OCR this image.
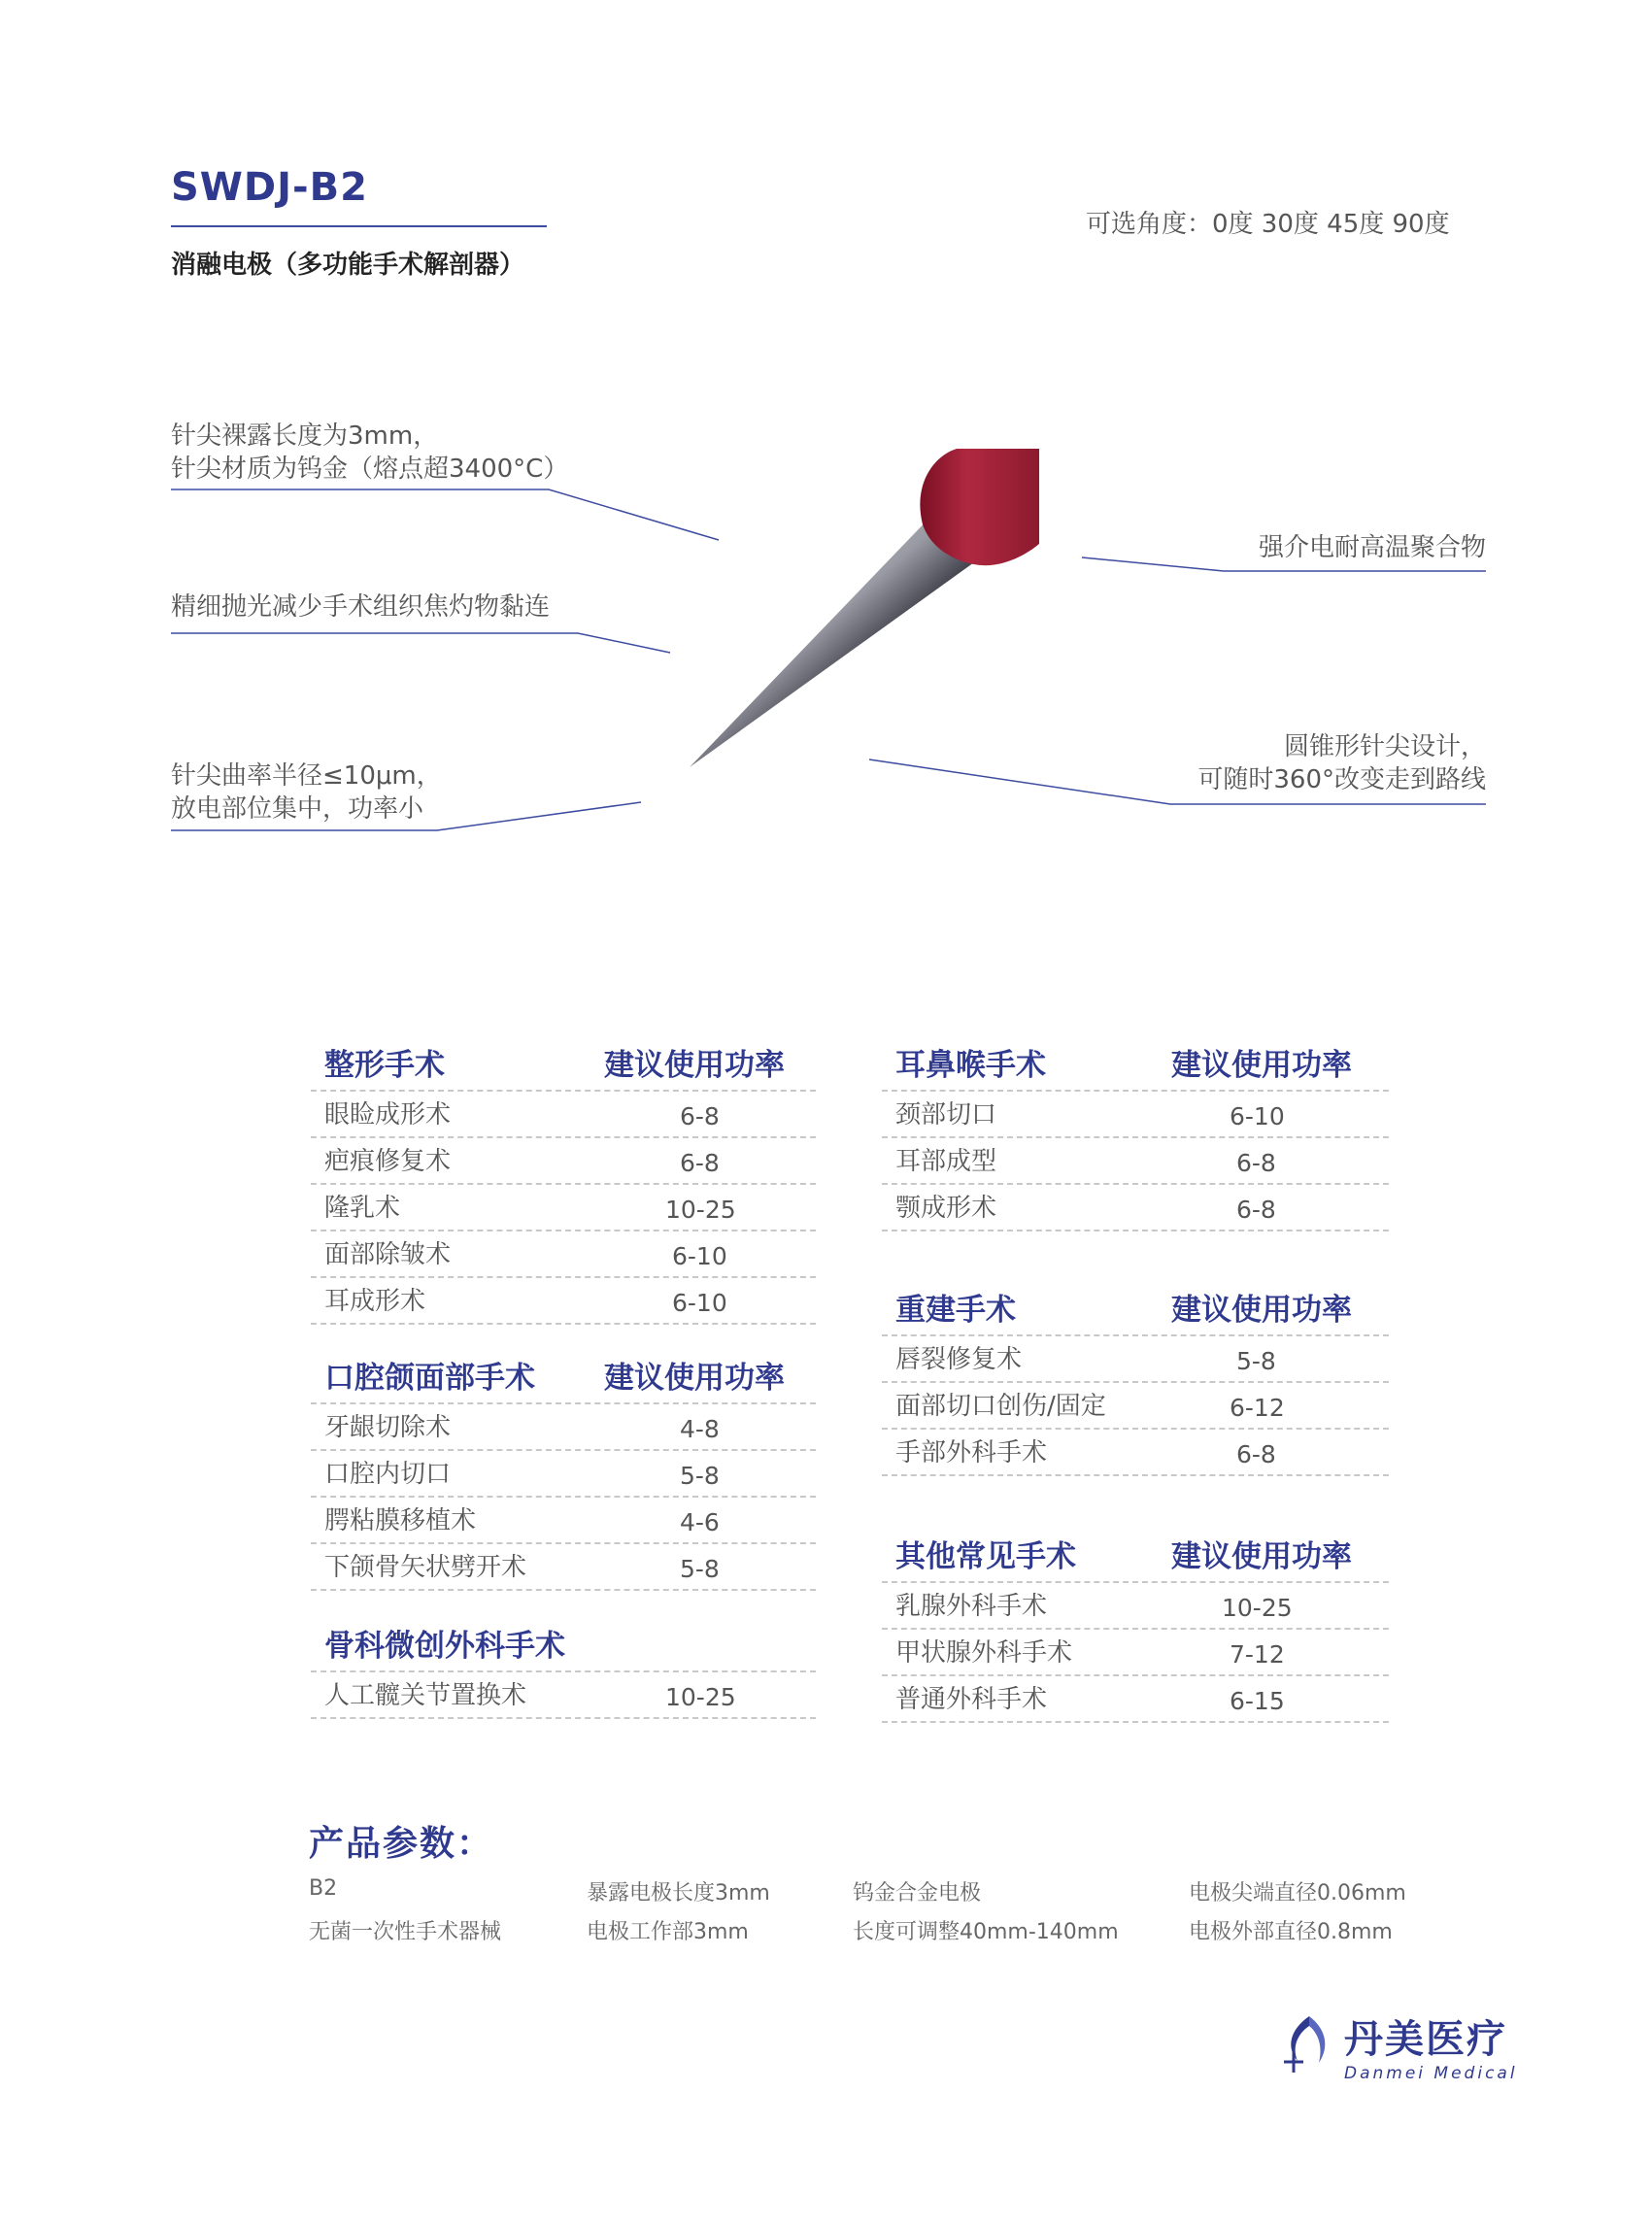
SWDJ-B2
消融电极（多功能手术解剖器）
可选角度：0度 30度 45度 90度
针尖裸露长度为3mm，
针尖材质为钨金（熔点超3400°C）
精细抛光减少手术组织焦灼物黏连
针尖曲率半径≤10μm，
放电部位集中，功率小
强介电耐高温聚合物
圆锥形针尖设计，
可随时360°改变走到路线
整形手术	建议使用功率
眼睑成形术	6-8
疤痕修复术	6-8
隆乳术	10-25
面部除皱术	6-10
耳成形术	6-10
口腔颌面部手术 建议使用功率
牙龈切除术	4-8
口腔内切口	5-8
腭粘膜移植术	4-6
下颌骨矢状劈开术	5-8
骨科微创外科手术
人工髋关节置换术	10-25
耳鼻喉手术	建议使用功率
颈部切口	6-10
耳部成型	6-8
颚成形术	6-8
重建手术	建议使用功率
唇裂修复术	5-8
面部切口创伤/固定	6-12
手部外科手术	6-8
其他常见手术	建议使用功率
乳腺外科手术	10-25
甲状腺外科手术	7-12
普通外科手术	6-15
产品参数：
B2	暴露电极长度3mm	钨金合金电极	电极尖端直径0.06mm
无菌一次性手术器械	电极工作部3mm	长度可调整40mm-140mm	电极外部直径0.8mm
丹美医疗
Danmei Medical
